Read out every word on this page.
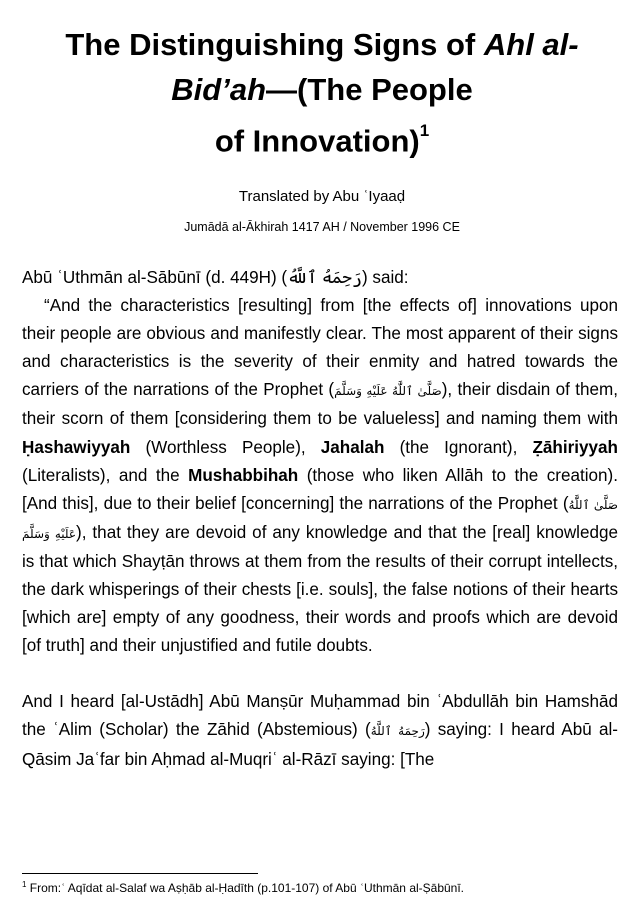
The Distinguishing Signs of Ahl al-
Bid’ah—(The People
of Innovation)$^1$
Translated by Abu ʿIyaaḍ
Jumādā al-Ākhirah 1417 AH / November 1996 CE

Abū ʿUthmān al-Sābūnī (d. 449H) (رَحِمَهُ ٱللَّهُ) said:

“And the characteristics [resulting] from [the effects of] innovations upon their people are obvious and manifestly clear. The most apparent of their signs and characteristics is the severity of their enmity and hatred towards the carriers of the narrations of the Prophet (صَلَّىٰ ٱللَّٰهُ عَلَيْهِ وَسَلَّمَ), their disdain of them, their scorn of them [considering them to be valueless] and naming them with Ḥashawiyyah (Worthless People), Jahalah (the Ignorant), Ẓāhiriyyah (Literalists), and the Mushabbihah (those who liken Allāh to the creation). [And this], due to their belief [concerning] the narrations of the Prophet (صَلَّىٰ ٱللَّٰهُ عَلَيْهِ وَسَلَّمَ), that they are devoid of any knowledge and that the [real] knowledge is that which Shayṭān throws at them from the results of their corrupt intellects, the dark whisperings of their chests [i.e. souls], the false notions of their hearts [which are] empty of any goodness, their words and proofs which are devoid [of truth] and their unjustified and futile doubts.

And I heard [al-Ustādh] Abū Manṣūr Muḥammad bin ʿAbdullāh bin Hamshād the ʿAlim (Scholar) the Zāhid (Abstemious) (رَحِمَهُ ٱللَّهُ) saying: I heard Abū al-Qāsim Jaʿfar bin Aḥmad al-Muqriʿ al-Rāzī saying: [The

$^1$ From:ʿ Aqīdat al-Salaf wa Aṣḥāb al-Ḥadīth (p.101-107) of Abū ʿUthmān al-Ṣābūnī.
